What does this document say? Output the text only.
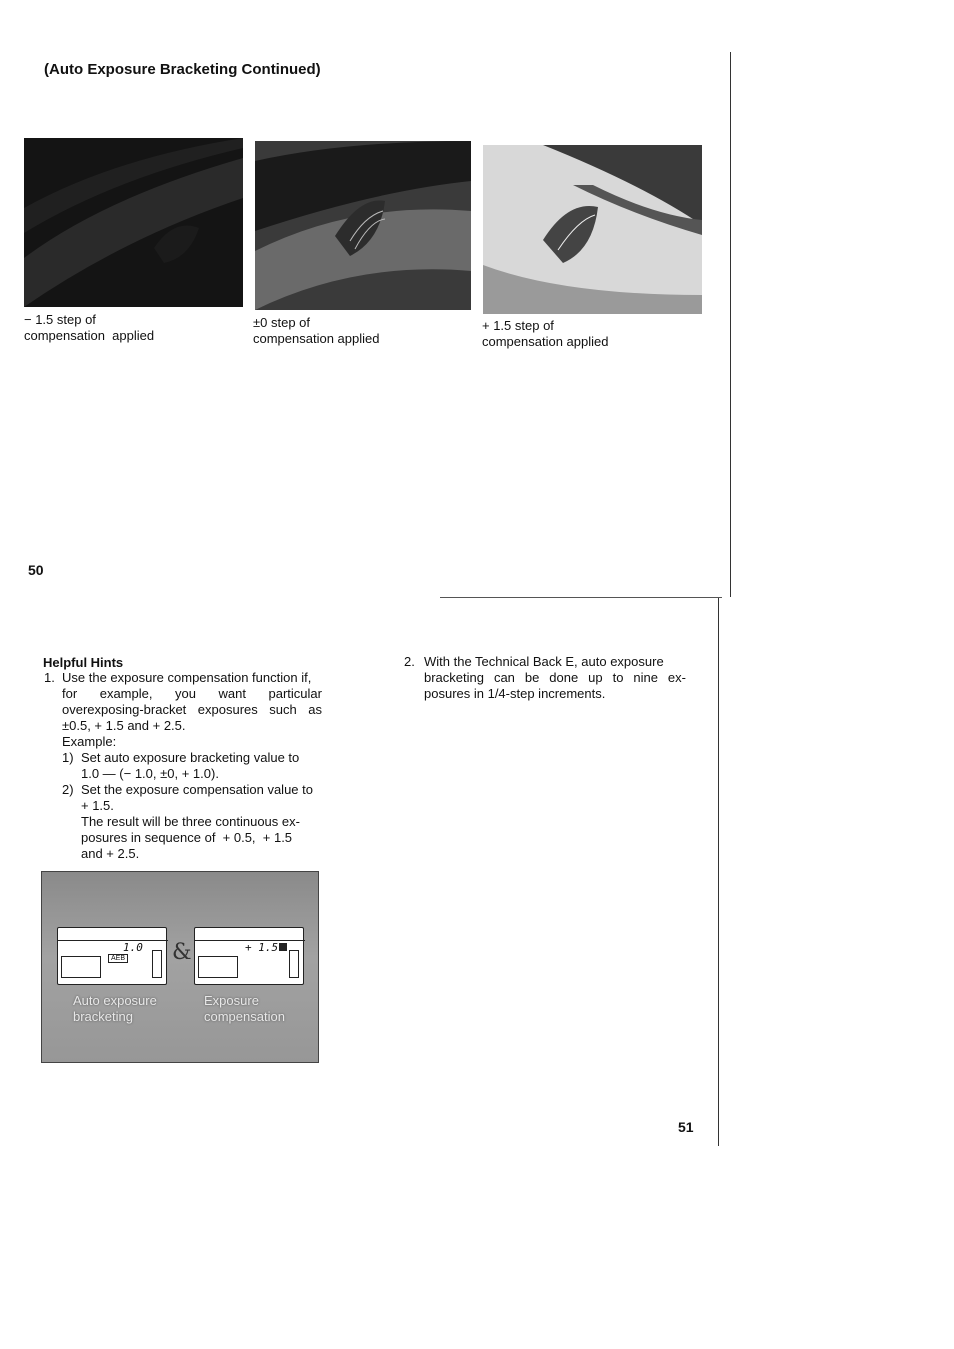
(Auto Exposure Bracketing Continued)
− 1.5 step of
compensation  applied
±0 step of
compensation applied
+ 1.5 step of
compensation applied
50
Helpful Hints
1. Use the exposure compensation function if,
for example, you want particular
overexposing-bracket exposures such as
±0.5, + 1.5 and + 2.5.
Example:
1) Set auto exposure bracketing value to
1.0 — (− 1.0, ±0, + 1.0).
2) Set the exposure compensation value to
+ 1.5.
The result will be three continuous ex-
posures in sequence of  + 0.5,  + 1.5
and + 2.5.
2. With the Technical Back E, auto exposure
bracketing can be done up to nine ex-
posures in 1/4-step increments.
1.0
AEB &	+ 1.5
Auto exposure
bracketing
Exposure
compensation
51
